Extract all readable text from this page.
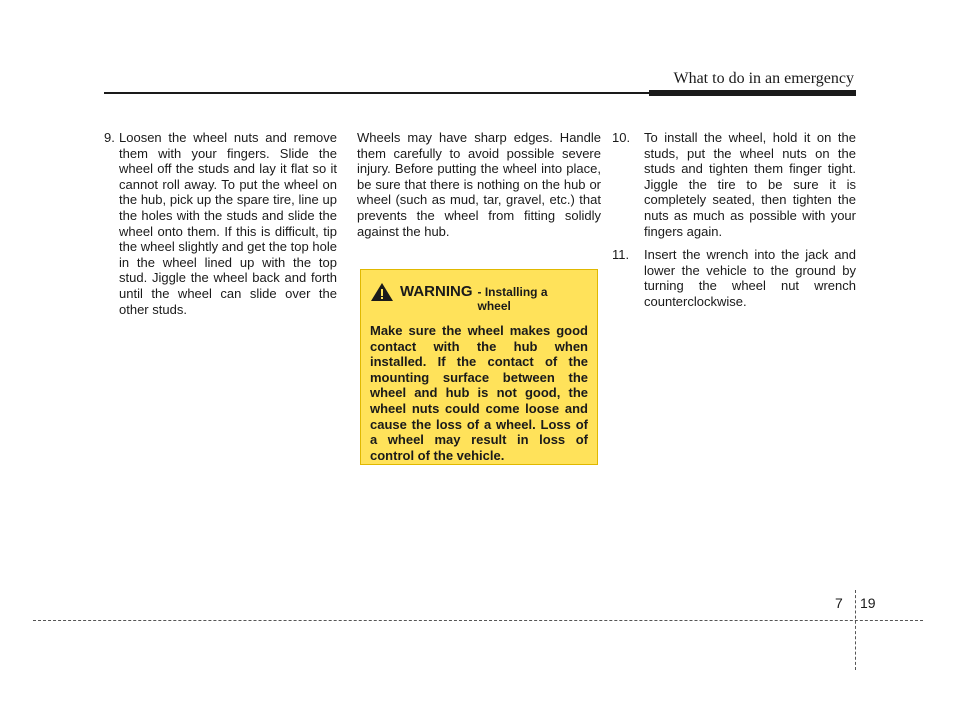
What to do in an emergency
9. Loosen the wheel nuts and remove them with your fingers. Slide the wheel off the studs and lay it flat so it cannot roll away. To put the wheel on the hub, pick up the spare tire, line up the holes with the studs and slide the wheel onto them. If this is difficult, tip the wheel slightly and get the top hole in the wheel lined up with the top stud. Jiggle the wheel back and forth until the wheel can slide over the other studs.
Wheels may have sharp edges. Handle them carefully to avoid possible severe injury. Before putting the wheel into place, be sure that there is nothing on the hub or wheel (such as mud, tar, gravel, etc.) that prevents the wheel from fitting solidly against the hub.
WARNING - Installing a wheel
Make sure the wheel makes good contact with the hub when installed. If the contact of the mounting surface between the wheel and hub is not good, the wheel nuts could come loose and cause the loss of a wheel. Loss of a wheel may result in loss of control of the vehicle.
10. To install the wheel, hold it on the studs, put the wheel nuts on the studs and tighten them finger tight. Jiggle the tire to be sure it is completely seated, then tighten the nuts as much as possible with your fingers again.
11. Insert the wrench into the jack and lower the vehicle to the ground by turning the wheel nut wrench counterclockwise.
7 19
